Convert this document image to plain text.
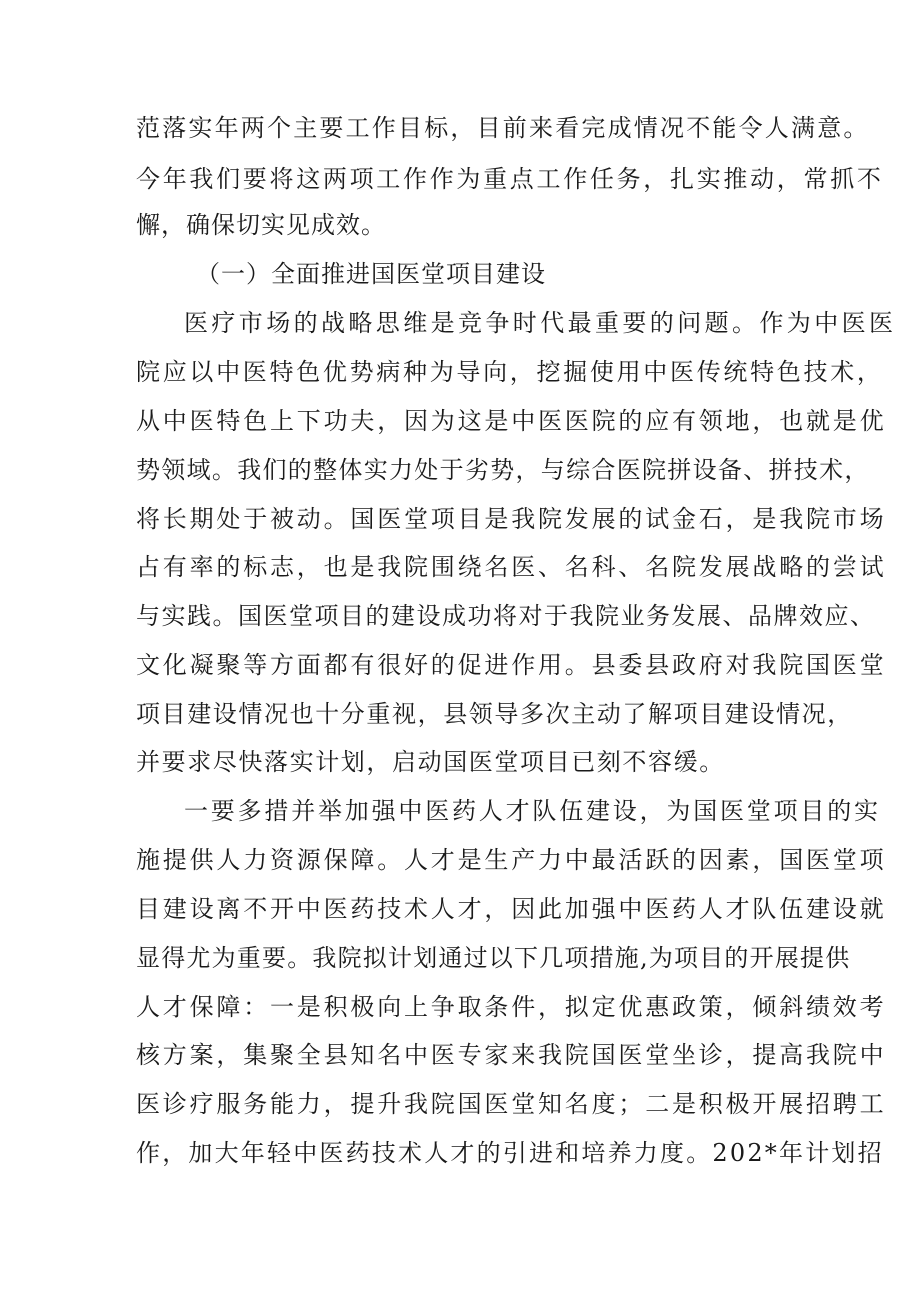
范落实年两个主要工作目标，目前来看完成情况不能令人满意。
今年我们要将这两项工作作为重点工作任务，扎实推动，常抓不
懈，确保切实见成效。
（一）全面推进国医堂项目建设
医疗市场的战略思维是竞争时代最重要的问题。作为中医医
院应以中医特色优势病种为导向，挖掘使用中医传统特色技术，
从中医特色上下功夫，因为这是中医医院的应有领地，也就是优
势领域。我们的整体实力处于劣势，与综合医院拼设备、拼技术，
将长期处于被动。国医堂项目是我院发展的试金石，是我院市场
占有率的标志，也是我院围绕名医、名科、名院发展战略的尝试
与实践。国医堂项目的建设成功将对于我院业务发展、品牌效应、
文化凝聚等方面都有很好的促进作用。县委县政府对我院国医堂
项目建设情况也十分重视，县领导多次主动了解项目建设情况，
并要求尽快落实计划，启动国医堂项目已刻不容缓。
一要多措并举加强中医药人才队伍建设，为国医堂项目的实
施提供人力资源保障。人才是生产力中最活跃的因素，国医堂项
目建设离不开中医药技术人才，因此加强中医药人才队伍建设就
显得尤为重要。我院拟计划通过以下几项措施,为项目的开展提供
人才保障：一是积极向上争取条件，拟定优惠政策，倾斜绩效考
核方案，集聚全县知名中医专家来我院国医堂坐诊，提高我院中
医诊疗服务能力，提升我院国医堂知名度；二是积极开展招聘工
作，加大年轻中医药技术人才的引进和培养力度。202*年计划招
